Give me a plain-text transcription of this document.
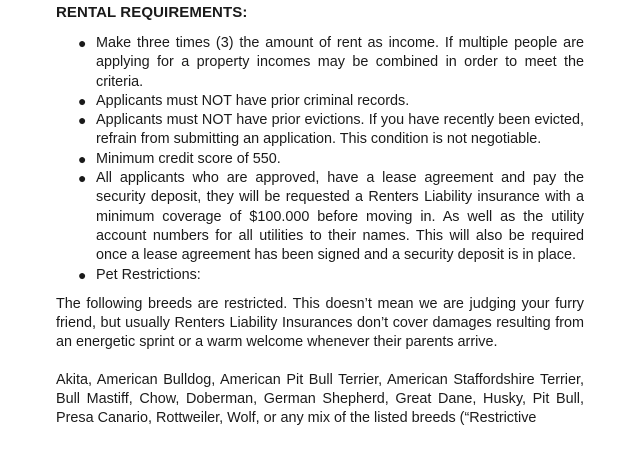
RENTAL REQUIREMENTS:
● Make three times (3) the amount of rent as income. If multiple people are applying for a property incomes may be combined in order to meet the criteria.
● Applicants must NOT have prior criminal records.
● Applicants must NOT have prior evictions. If you have recently been evicted, refrain from submitting an application. This condition is not negotiable.
● Minimum credit score of 550.
● All applicants who are approved, have a lease agreement and pay the security deposit, they will be requested a Renters Liability insurance with a minimum coverage of $100.000 before moving in. As well as the utility account numbers for all utilities to their names. This will also be required once a lease agreement has been signed and a security deposit is in place.
● Pet Restrictions:

The following breeds are restricted. This doesn’t mean we are judging your furry friend, but usually Renters Liability Insurances don’t cover damages resulting from an energetic sprint or a warm welcome whenever their parents arrive.

Akita, American Bulldog, American Pit Bull Terrier, American Staffordshire Terrier, Bull Mastiff, Chow, Doberman, German Shepherd, Great Dane, Husky, Pit Bull, Presa Canario, Rottweiler, Wolf, or any mix of the listed breeds (“Restrictive
